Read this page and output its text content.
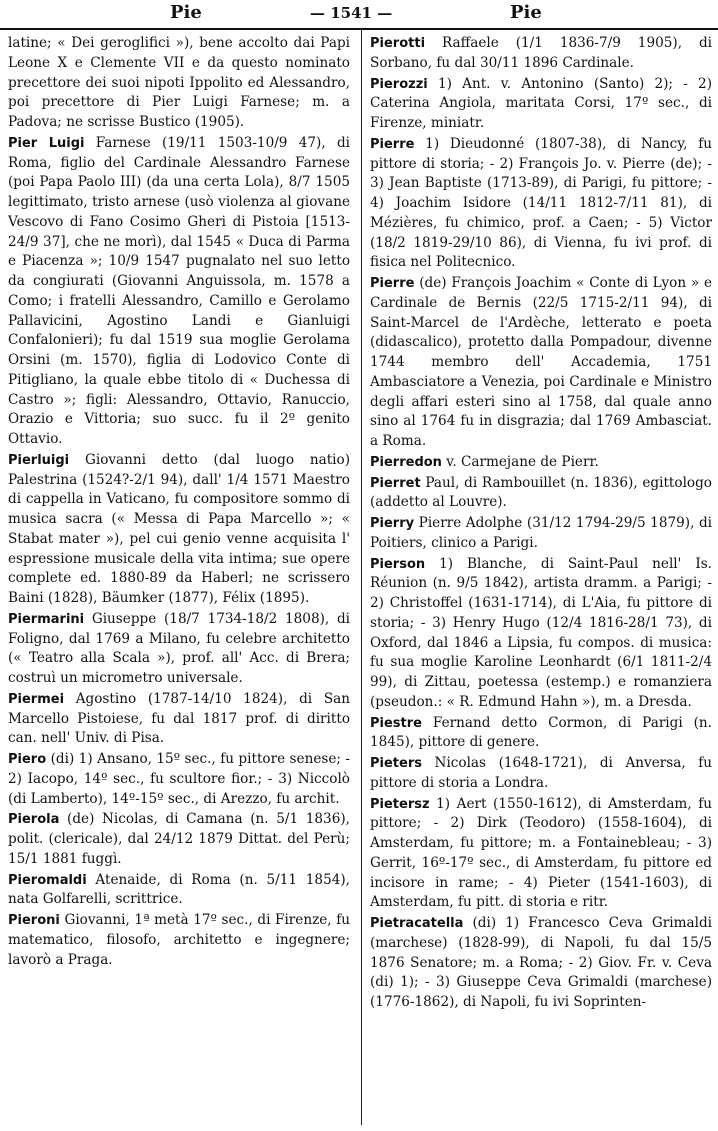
Pie	— 1541 —	Pie

latine; « Dei geroglifici »), bene accolto dai Papi Leone X e Clemente VII e da questo nominato precettore dei suoi nipoti Ippolito ed Alessandro, poi precettore di Pier Luigi Farnese; m. a Padova; ne scrisse Bustico (1905).

Pier Luigi Farnese (19/11 1503-10/9 47), di Roma, figlio del Cardinale Alessandro Farnese (poi Papa Paolo III) (da una certa Lola), 8/7 1505 legittimato, tristo arnese (usò violenza al giovane Vescovo di Fano Cosimo Gheri di Pistoia [1513-24/9 37], che ne morì), dal 1545 « Duca di Parma e Piacenza »; 10/9 1547 pugnalato nel suo letto da congiurati (Giovanni Anguissola, m. 1578 a Como; i fratelli Alessandro, Camillo e Gerolamo Pallavicini, Agostino Landi e Gianluigi Confalonieri); fu dal 1519 sua moglie Gerolama Orsini (m. 1570), figlia di Lodovico Conte di Pitigliano, la quale ebbe titolo di « Duchessa di Castro »; figli: Alessandro, Ottavio, Ranuccio, Orazio e Vittoria; suo succ. fu il 2º genito Ottavio.

Pierluigi Giovanni detto (dal luogo natio) Palestrina (1524?-2/1 94), dall' 1/4 1571 Maestro di cappella in Vaticano, fu compositore sommo di musica sacra (« Messa di Papa Marcello »; « Stabat mater »), pel cui genio venne acquisita l' espressione musicale della vita intima; sue opere complete ed. 1880-89 da Haberl; ne scrissero Baini (1828), Bäumker (1877), Félix (1895).

Piermarini Giuseppe (18/7 1734-18/2 1808), di Foligno, dal 1769 a Milano, fu celebre architetto (« Teatro alla Scala »), prof. all' Acc. di Brera; costruì un micrometro universale.

Piermei Agostino (1787-14/10 1824), di San Marcello Pistoiese, fu dal 1817 prof. di diritto can. nell' Univ. di Pisa.

Piero (di) 1) Ansano, 15º sec., fu pittore senese; - 2) Iacopo, 14º sec., fu scultore fior.; - 3) Niccolò (di Lamberto), 14º-15º sec., di Arezzo, fu archit.

Pierola (de) Nicolas, di Camana (n. 5/1 1836), polit. (clericale), dal 24/12 1879 Dittat. del Perù; 15/1 1881 fuggì.

Pieromaldi Atenaide, di Roma (n. 5/11 1854), nata Golfarelli, scrittrice.

Pieroni Giovanni, 1ª metà 17º sec., di Firenze, fu matematico, filosofo, architetto e ingegnere; lavorò a Praga.

Pierotti Raffaele (1/1 1836-7/9 1905), di Sorbano, fu dal 30/11 1896 Cardinale.

Pierozzi 1) Ant. v. Antonino (Santo) 2); - 2) Caterina Angiola, maritata Corsi, 17º sec., di Firenze, miniatr.

Pierre 1) Dieudonné (1807-38), di Nancy, fu pittore di storia; - 2) François Jo. v. Pierre (de); - 3) Jean Baptiste (1713-89), di Parigi, fu pittore; - 4) Joachim Isidore (14/11 1812-7/11 81), di Mézières, fu chimico, prof. a Caen; - 5) Victor (18/2 1819-29/10 86), di Vienna, fu ivi prof. di fisica nel Politecnico.

Pierre (de) François Joachim « Conte di Lyon » e Cardinale de Bernis (22/5 1715-2/11 94), di Saint-Marcel de l'Ardèche, letterato e poeta (didascalico), protetto dalla Pompadour, divenne 1744 membro dell' Accademia, 1751 Ambasciatore a Venezia, poi Cardinale e Ministro degli affari esteri sino al 1758, dal quale anno sino al 1764 fu in disgrazia; dal 1769 Ambasciat. a Roma.

Pierredon v. Carmejane de Pierr.

Pierret Paul, di Rambouillet (n. 1836), egittologo (addetto al Louvre).

Pierry Pierre Adolphe (31/12 1794-29/5 1879), di Poitiers, clinico a Parigi.

Pierson 1) Blanche, di Saint-Paul nell' Is. Réunion (n. 9/5 1842), artista dramm. a Parigi; - 2) Christoffel (1631-1714), di L'Aia, fu pittore di storia; - 3) Henry Hugo (12/4 1816-28/1 73), di Oxford, dal 1846 a Lipsia, fu compos. di musica: fu sua moglie Karoline Leonhardt (6/1 1811-2/4 99), di Zittau, poetessa (estemp.) e romanziera (pseudon.: « R. Edmund Hahn »), m. a Dresda.

Piestre Fernand detto Cormon, di Parigi (n. 1845), pittore di genere.

Pieters Nicolas (1648-1721), di Anversa, fu pittore di storia a Londra.

Pietersz 1) Aert (1550-1612), di Amsterdam, fu pittore; - 2) Dirk (Teodoro) (1558-1604), di Amsterdam, fu pittore; m. a Fontainebleau; - 3) Gerrit, 16º-17º sec., di Amsterdam, fu pittore ed incisore in rame; - 4) Pieter (1541-1603), di Amsterdam, fu pitt. di storia e ritr.

Pietracatella (di) 1) Francesco Ceva Grimaldi (marchese) (1828-99), di Napoli, fu dal 15/5 1876 Senatore; m. a Roma; - 2) Giov. Fr. v. Ceva (di) 1); - 3) Giuseppe Ceva Grimaldi (marchese) (1776-1862), di Napoli, fu ivi Soprinten-
